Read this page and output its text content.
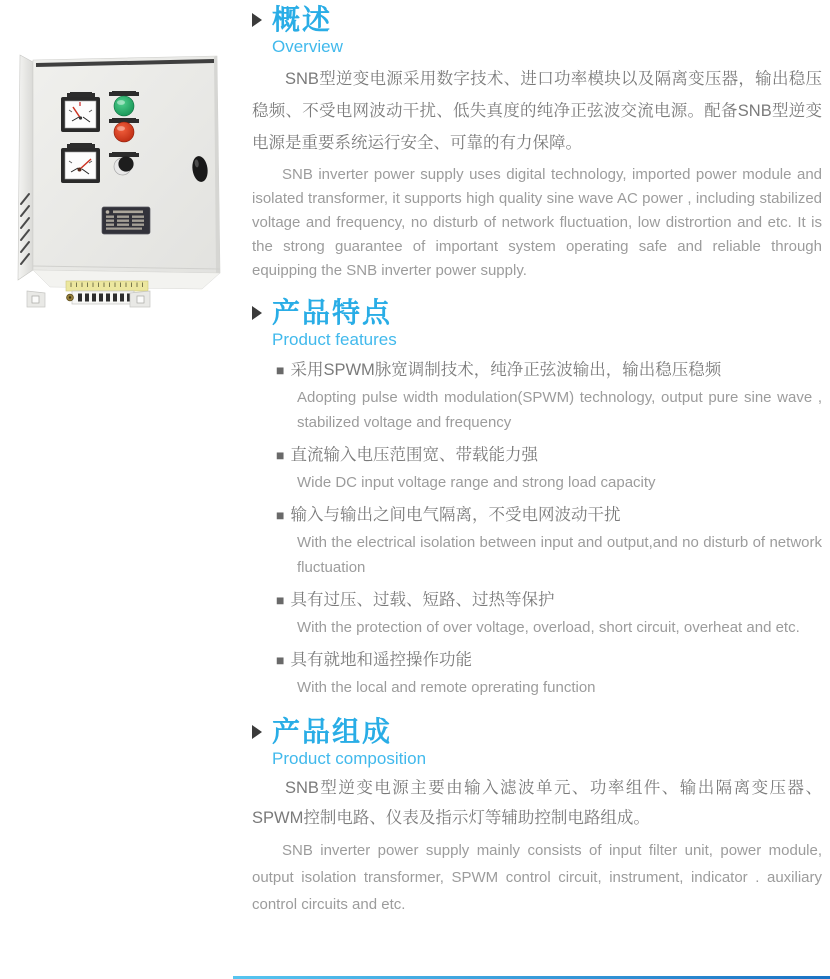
概述
Overview

SNB型逆变电源采用数字技术、进口功率模块以及隔离变压器，输出稳压稳频、不受电网波动干扰、低失真度的纯净正弦波交流电源。配备SNB型逆变电源是重要系统运行安全、可靠的有力保障。

SNB inverter power supply uses digital technology, imported power module and isolated transformer, it supports high quality sine wave AC power , including stabilized voltage and frequency, no disturb of network fluctuation, low distrortion and etc. It is the strong guarantee of important system operating safe and reliable through equipping the SNB inverter power supply.

产品特点
Product features
■ 采用SPWM脉宽调制技术，纯净正弦波输出，输出稳压稳频

Adopting pulse width modulation(SPWM) technology, output pure sine wave , stabilized voltage and frequency

■ 直流输入电压范围宽、带载能力强

Wide DC input voltage range and strong load capacity

■ 输入与输出之间电气隔离，不受电网波动干扰

With the electrical isolation between input and output,and no disturb of network fluctuation

■ 具有过压、过载、短路、过热等保护

With the protection of over voltage, overload, short circuit, overheat and etc.

■ 具有就地和遥控操作功能

With the local and remote oprerating function

产品组成
Product composition

SNB型逆变电源主要由输入滤波单元、功率组件、输出隔离变压器、SPWM控制电路、仪表及指示灯等辅助控制电路组成。

SNB inverter power supply mainly consists of input filter unit, power module, output isolation transformer, SPWM control circuit, instrument, indicator . auxiliary control circuits and etc.
